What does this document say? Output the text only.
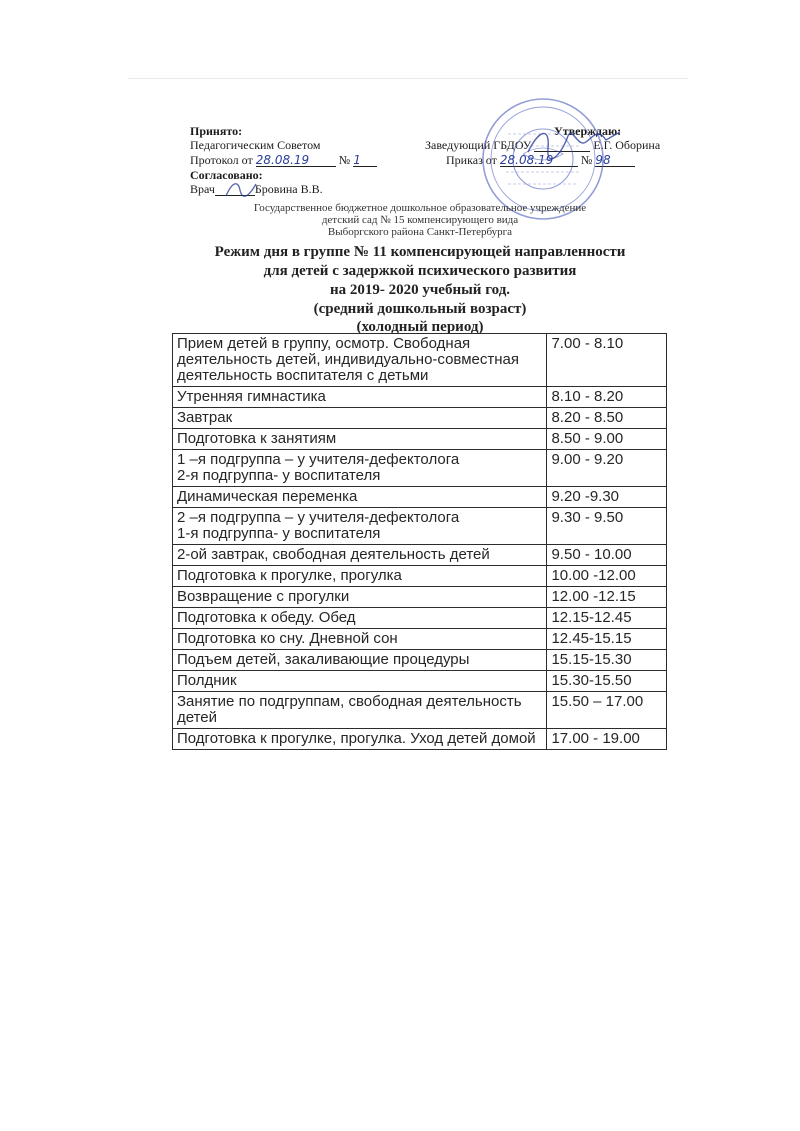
Принято:
Педагогическим Советом
Протокол от 28.08.19 № 1
Согласовано:
Врач	Бровина В.В.
Утверждаю:
Заведующий ГБДОУ	Е.Г. Оборина
Приказ от 28.08.19 № 98
Государственное бюджетное дошкольное образовательное учреждение
детский сад № 15 компенсирующего вида
Выборгского района Санкт-Петербурга
Режим дня в группе № 11 компенсирующей направленности
для детей с задержкой психического развития
на 2019- 2020 учебный год.
(средний дошкольный возраст)
(холодный период)
Прием детей в группу, осмотр. Свободная деятельность детей, индивидуально-совместная деятельность воспитателя с детьми	7.00 - 8.10
Утренняя гимнастика	8.10 - 8.20
Завтрак	8.20 - 8.50
Подготовка к занятиям	8.50 - 9.00
1 –я подгруппа – у учителя-дефектолога
2-я подгруппа- у воспитателя	9.00 - 9.20
Динамическая переменка	9.20 -9.30
2 –я подгруппа – у учителя-дефектолога
1-я подгруппа- у воспитателя	9.30 - 9.50
2-ой завтрак, свободная деятельность детей	9.50 - 10.00
Подготовка к прогулке, прогулка	10.00 -12.00
Возвращение с прогулки	12.00 -12.15
Подготовка к обеду. Обед	12.15-12.45
Подготовка ко сну. Дневной сон	12.45-15.15
Подъем детей, закаливающие процедуры	15.15-15.30
Полдник	15.30-15.50
Занятие по подгруппам, свободная деятельность детей	15.50 – 17.00
Подготовка к прогулке, прогулка. Уход детей домой	17.00 - 19.00
